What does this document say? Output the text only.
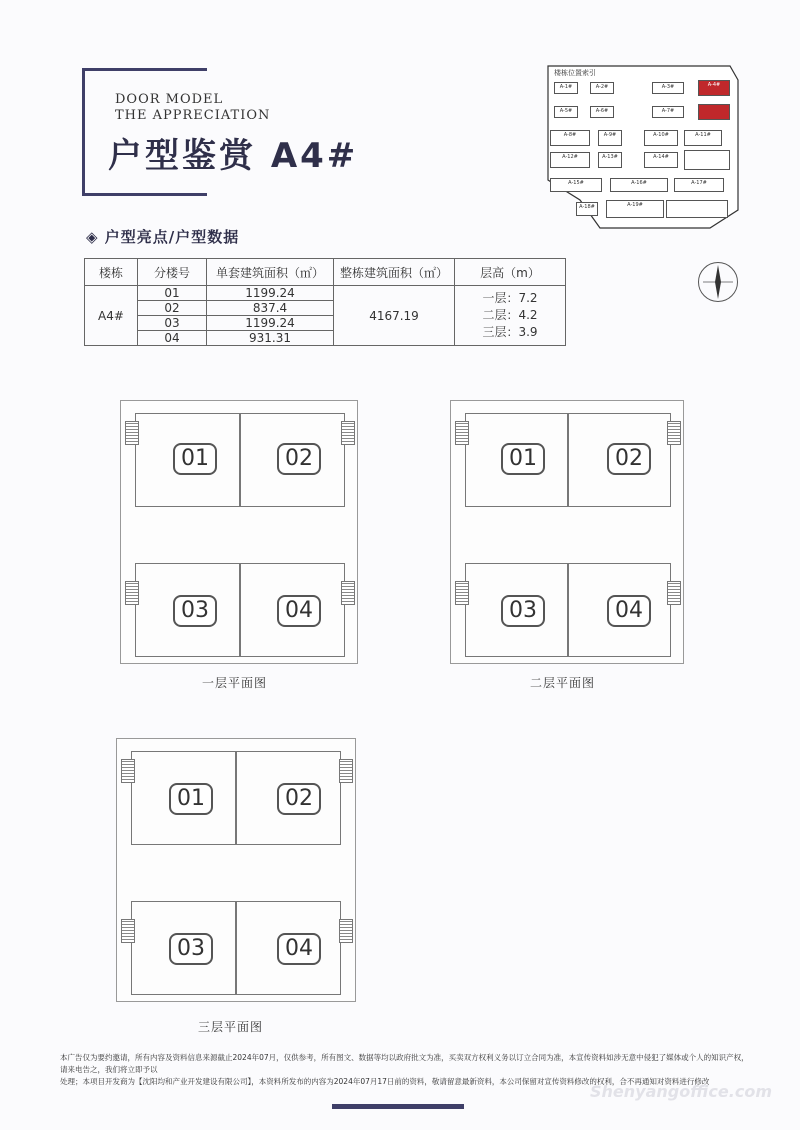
DOOR MODEL
THE APPRECIATION
户型鉴赏 A4#
楼栋位置索引
A-1#	A-2#	A-3#	A-4#
A-5#	A-6#	A-7#
A-8#	A-9#	A-10#	A-11#
A-12#	A-13#	A-14#
A-15#	A-16#	A-17#
A-18#	A-19#
◈ 户型亮点/户型数据
楼栋	分楼号	单套建筑面积（㎡）	整栋建筑面积（㎡）	层高（m）
A4#	01	1199.24	4167.19	一层：7.2
二层：4.2
三层：3.9

	02	837.4		
	03	1199.24		
	04	931.31		
01	02
03	04
一层平面图
01	02
03	04
二层平面图
01	02
03	04
三层平面图
本广告仅为要约邀请，所有内容及资料信息来源截止2024年07月，仅供参考，所有图文、数据等均以政府批文为准，买卖双方权利义务以订立合同为准，本宣传资料如涉无意中侵犯了媒体或个人的知识产权，请来电告之，我们将立即予以
处理；本项目开发商为【沈阳均和产业开发建设有限公司】，本资料所发布的内容为2024年07月17日前的资料，敬请留意最新资料，本公司保留对宣传资料修改的权利，合不再通知对资料进行修改
Shenyangoffice.com
